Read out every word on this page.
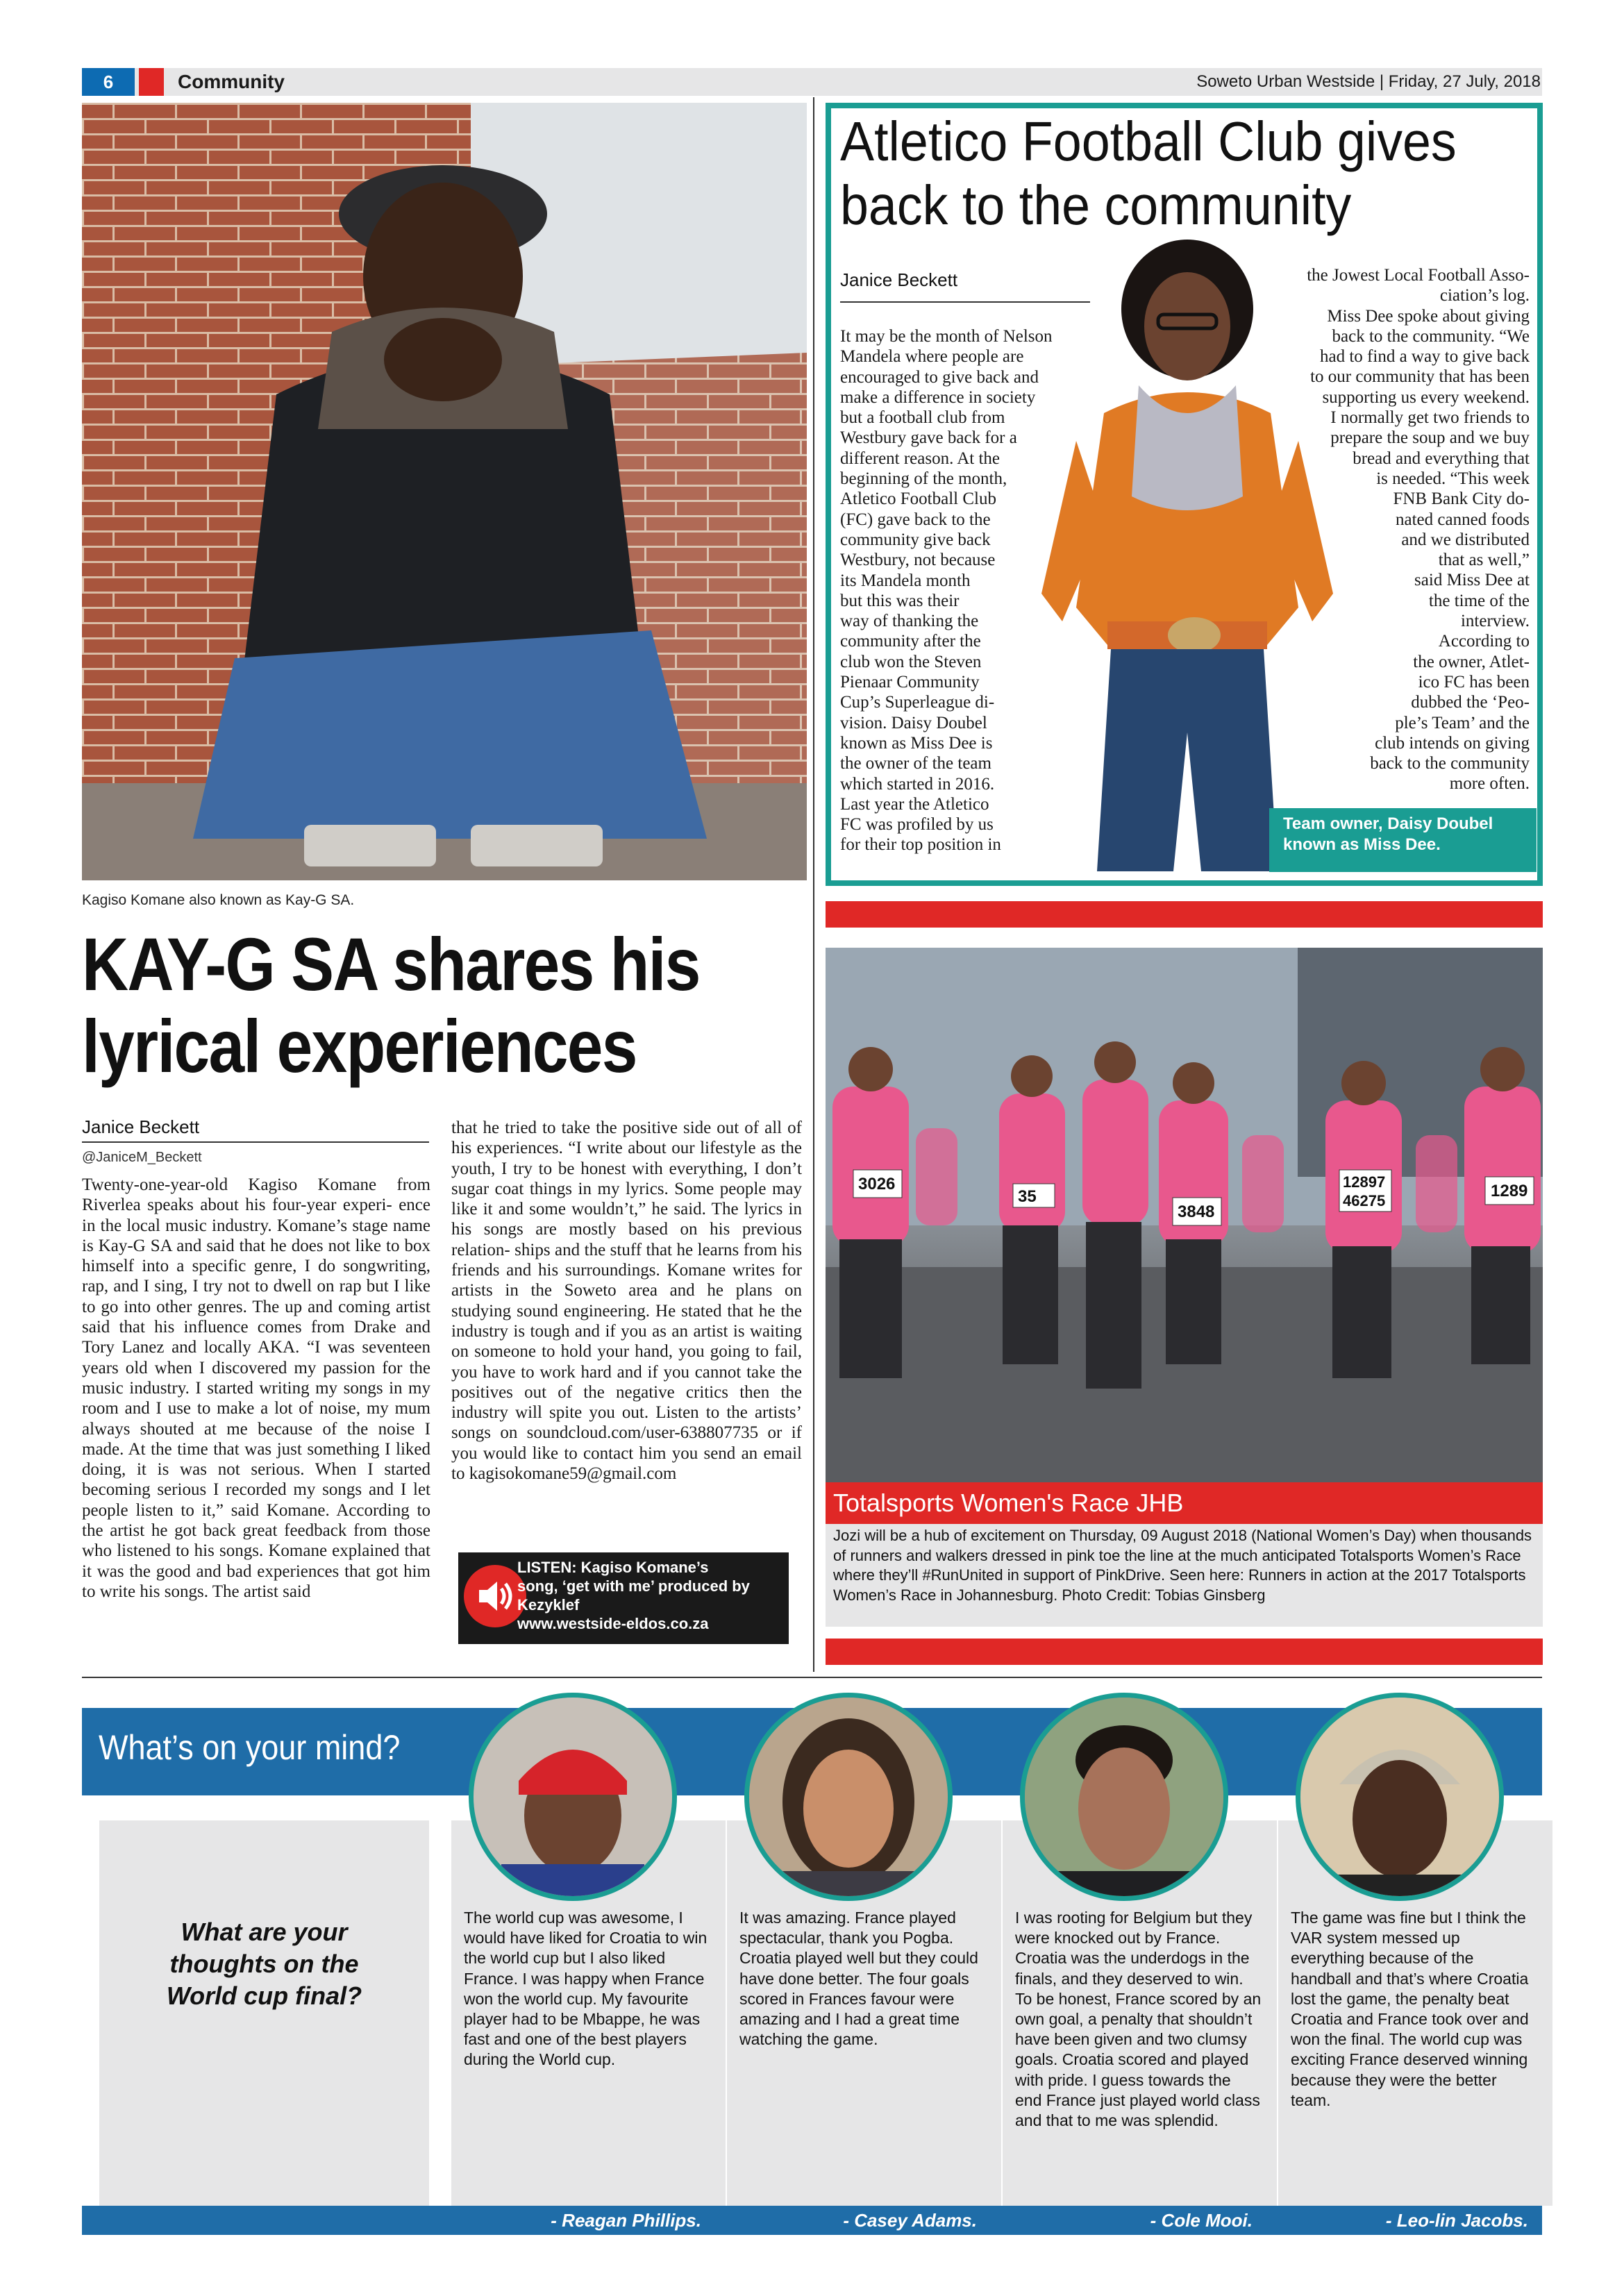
6	Community	Soweto Urban Westside | Friday, 27 July, 2018
Kagiso Komane also known as Kay-G SA.
KAY-G SA shares his
lyrical experiences
Janice Beckett
@JaniceM_Beckett
Twenty-one-year-old Kagiso Komane from Riverlea speaks about his four-year experi- ence in the local music industry. Komane’s stage name is Kay-G SA and said that he does not like to box himself into a specific genre, I do songwriting, rap, and I sing, I try not to dwell on rap but I like to go into other genres. The up and coming artist said that his influence comes from Drake and Tory Lanez and locally AKA. “I was seventeen years old when I discovered my passion for the music industry. I started writing my songs in my room and I use to make a lot of noise, my mum always shouted at me because of the noise I made. At the time that was just something I liked doing, it is was not serious. When I started becoming serious I recorded my songs and I let people listen to it,” said Komane. According to the artist he got back great feedback from those who listened to his songs. Komane explained that it was the good and bad experiences that got him to write his songs. The artist said
that he tried to take the positive side out of all of his experiences. “I write about our lifestyle as the youth, I try to be honest with everything, I don’t sugar coat things in my lyrics. Some people may like it and some wouldn’t,” he said. The lyrics in his songs are mostly based on his previous relation- ships and the stuff that he learns from his friends and his surroundings. Komane writes for artists in the Soweto area and he plans on studying sound engineering. He stated that he the industry is tough and if you as an artist is waiting on someone to hold your hand, you going to fail, you have to work hard and if you cannot take the positives out of the negative critics then the industry will spite you out. Listen to the artists’ songs on soundcloud.com/user-638807735 or if you would like to contact him you send an email to kagisokomane59@gmail.com
LISTEN: Kagiso Komane’s
song, ‘get with me’ produced by
Kezyklef
www.westside-eldos.co.za
Atletico Football Club gives
back to the community
Janice Beckett
It may be the month of Nelson
Mandela where people are
encouraged to give back and
make a difference in society
but a football club from
Westbury gave back for a
different reason. At the
beginning of the month,
Atletico Football Club
(FC) gave back to the
community give back
Westbury, not because
its Mandela month
but this was their
way of thanking the
community after the
club won the Steven
Pienaar Community
Cup’s Superleague di-
vision. Daisy Doubel
known as Miss Dee is
the owner of the team
which started in 2016.
Last year the Atletico
FC was profiled by us
for their top position in
the Jowest Local Football Asso-
ciation’s log.
Miss Dee spoke about giving
back to the community. “We
had to find a way to give back
to our community that has been
supporting us every weekend.
I normally get two friends to
prepare the soup and we buy
bread and everything that
is needed. “This week
FNB Bank City do-
nated canned foods
and we distributed
that as well,”
said Miss Dee at
the time of the
interview.
According to
the owner, Atlet-
ico FC has been
dubbed the ‘Peo-
ple’s Team’ and the
club intends on giving
back to the community
more often.
Team owner, Daisy Doubel
known as Miss Dee.
3026
35
3848
12897
46275
1289
Totalsports Women's Race JHB
Jozi will be a hub of excitement on Thursday, 09 August 2018 (National Women’s Day) when thousands of runners and walkers dressed in pink toe the line at the much anticipated Totalsports Women’s Race where they’ll #RunUnited in support of PinkDrive. Seen here: Runners in action at the 2017 Totalsports Women’s Race in Johannesburg. Photo Credit: Tobias Ginsberg
What’s on your mind?
What are your
thoughts on the
World cup final?
The world cup was awesome, I would have liked for Croatia to win the world cup but I also liked France. I was happy when France won the world cup. My favourite player had to be Mbappe, he was fast and one of the best players during the World cup.
It was amazing. France played spectacular, thank you Pogba. Croatia played well but they could have done better. The four goals scored in Frances favour were amazing and I had a great time watching the game.
I was rooting for Belgium but they were knocked out by France. Croatia was the underdogs in the finals, and they deserved to win. To be honest, France scored by an own goal, a penalty that shouldn’t have been given and two clumsy goals. Croatia scored and played with pride. I guess towards the end France just played world class and that to me was splendid.
The game was fine but I think the VAR system messed up everything because of the handball and that’s where Croatia lost the game, the penalty beat Croatia and France took over and won the final. The world cup was exciting France deserved winning because they were the better team.
- Reagan Phillips.	- Casey Adams.	- Cole Mooi.	- Leo-lin Jacobs.
